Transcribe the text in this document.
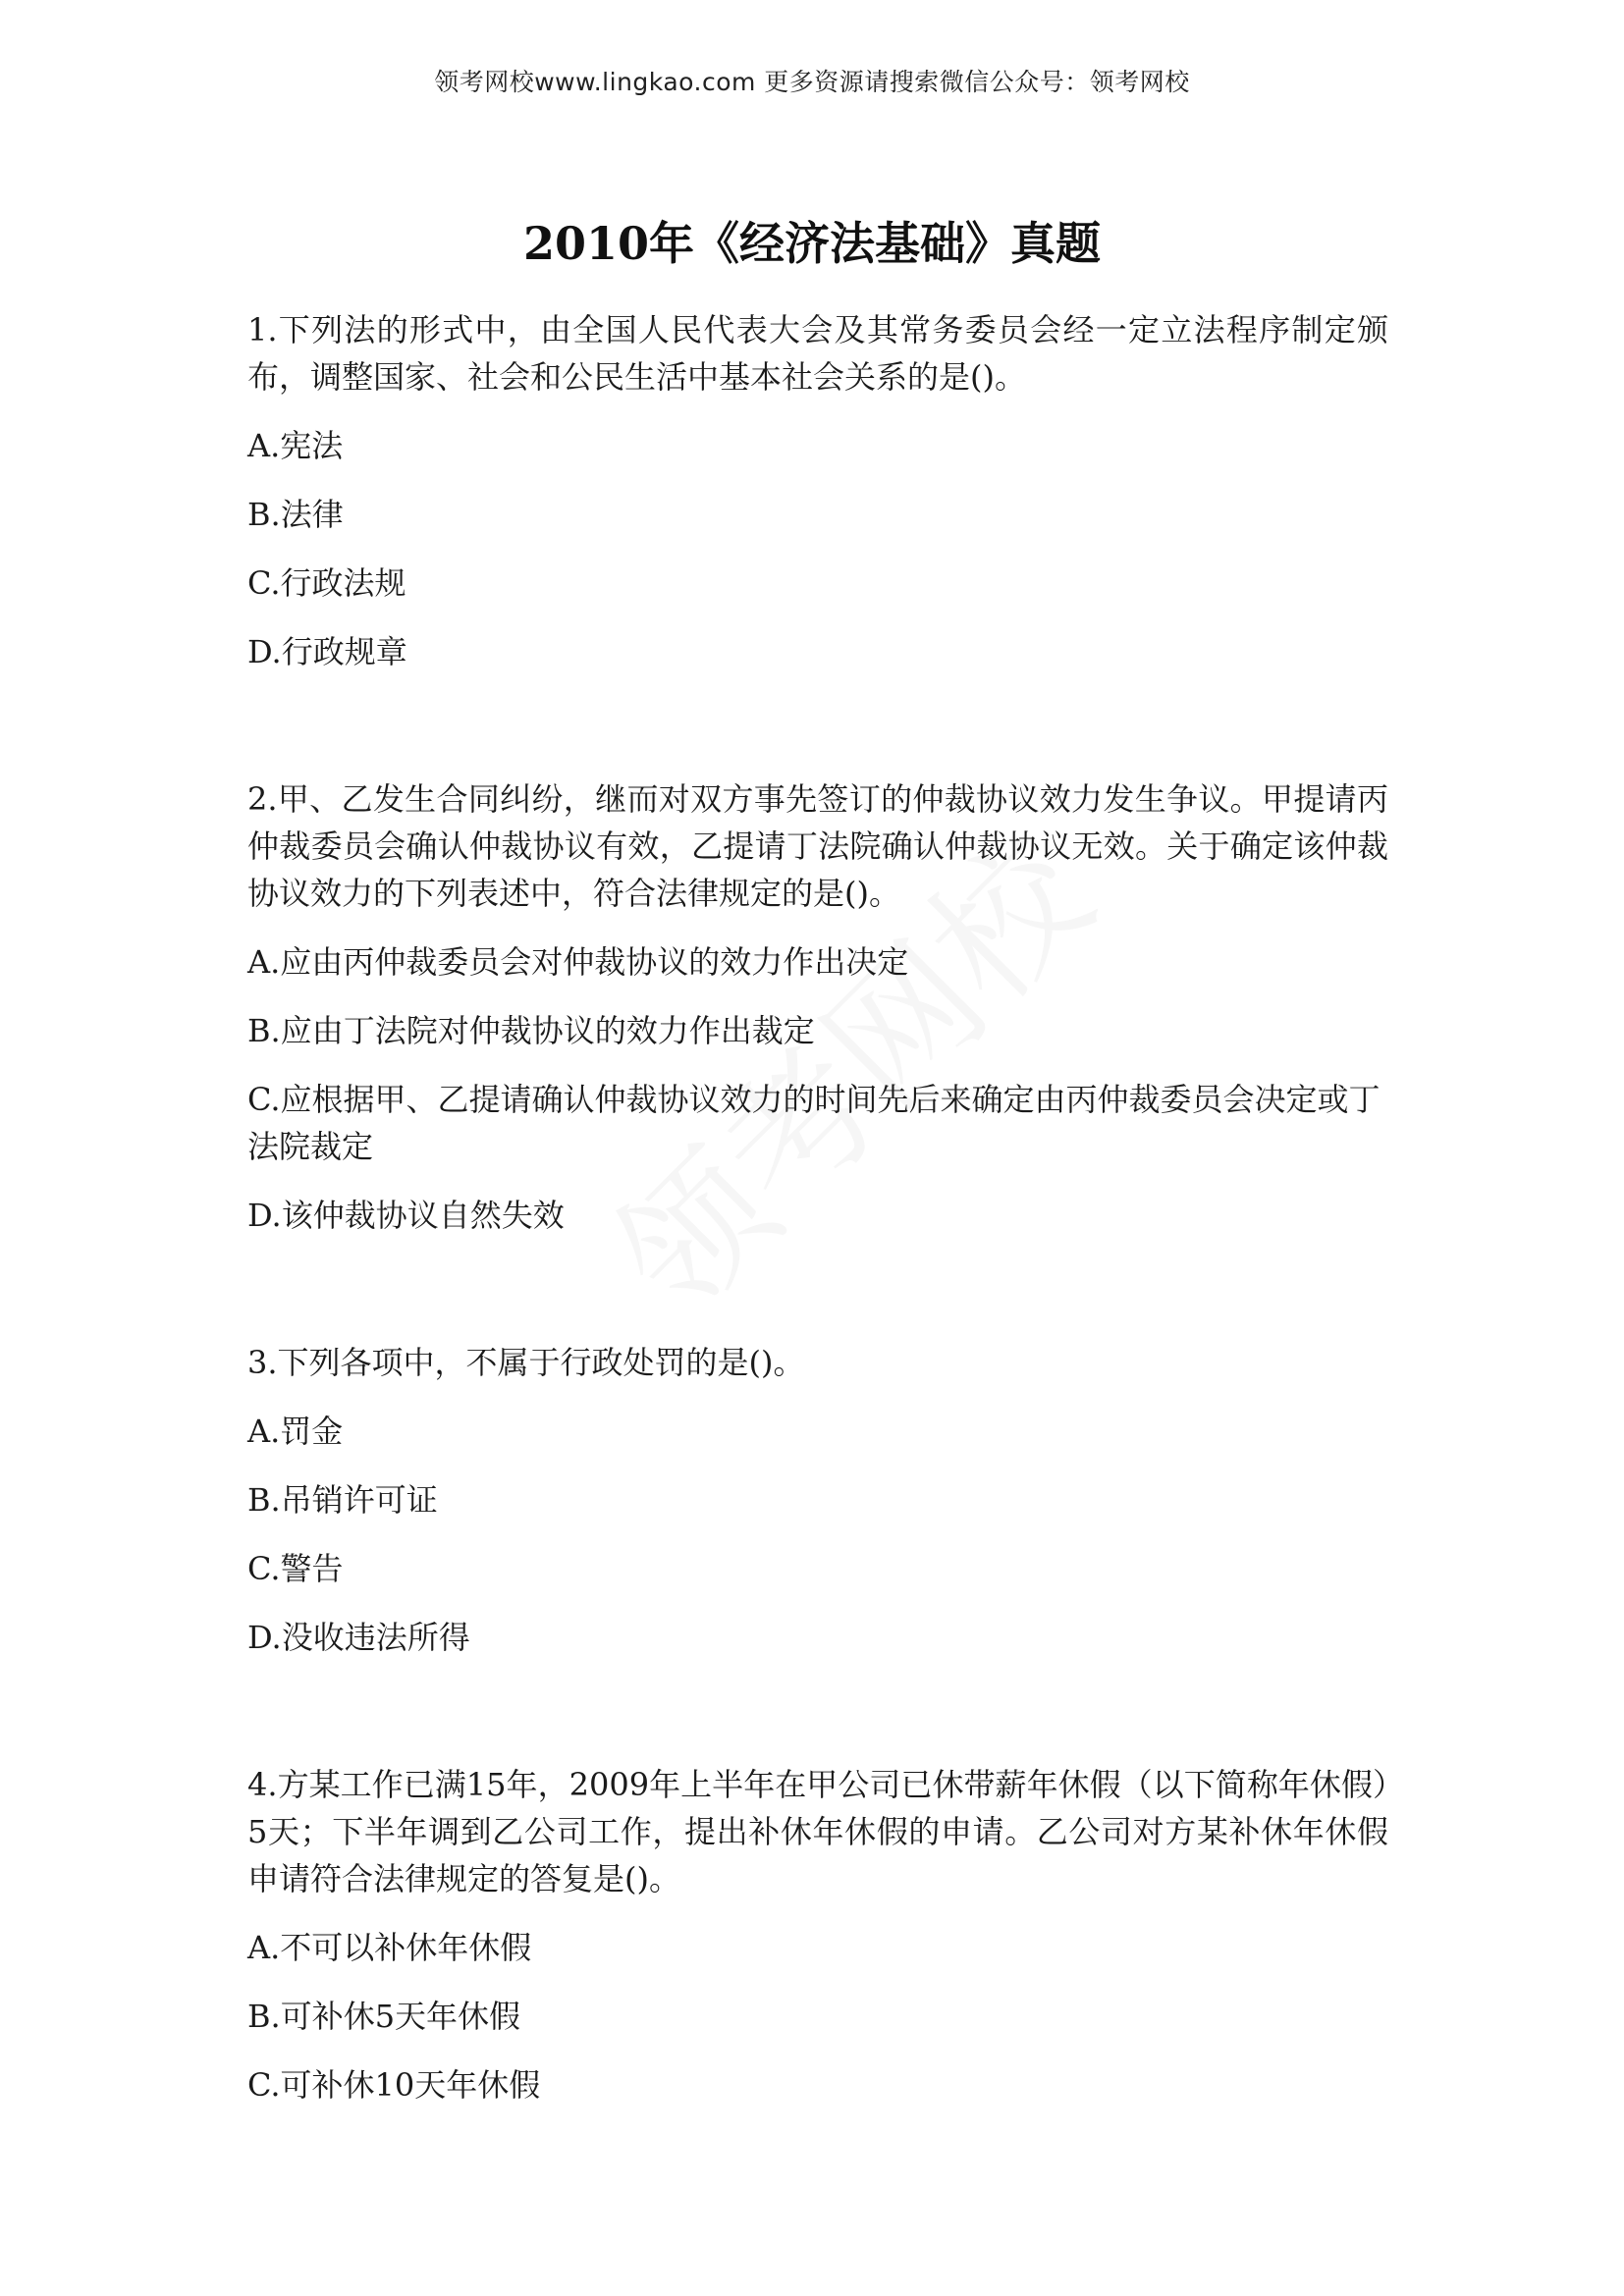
领考网校www.lingkao.com 更多资源请搜索微信公众号：领考网校
2010年《经济法基础》真题

1.下列法的形式中，由全国人民代表大会及其常务委员会经一定立法程序制定颁布，调整国家、社会和公民生活中基本社会关系的是()。

A.宪法

B.法律

C.行政法规

D.行政规章

2.甲、乙发生合同纠纷，继而对双方事先签订的仲裁协议效力发生争议。甲提请丙仲裁委员会确认仲裁协议有效，乙提请丁法院确认仲裁协议无效。关于确定该仲裁协议效力的下列表述中，符合法律规定的是()。

A.应由丙仲裁委员会对仲裁协议的效力作出决定

B.应由丁法院对仲裁协议的效力作出裁定

C.应根据甲、乙提请确认仲裁协议效力的时间先后来确定由丙仲裁委员会决定或丁法院裁定

D.该仲裁协议自然失效

3.下列各项中，不属于行政处罚的是()。

A.罚金

B.吊销许可证

C.警告

D.没收违法所得

4.方某工作已满15年，2009年上半年在甲公司已休带薪年休假（以下简称年休假）5天；下半年调到乙公司工作，提出补休年休假的申请。乙公司对方某补休年休假申请符合法律规定的答复是()。

A.不可以补休年休假

B.可补休5天年休假

C.可补休10天年休假
